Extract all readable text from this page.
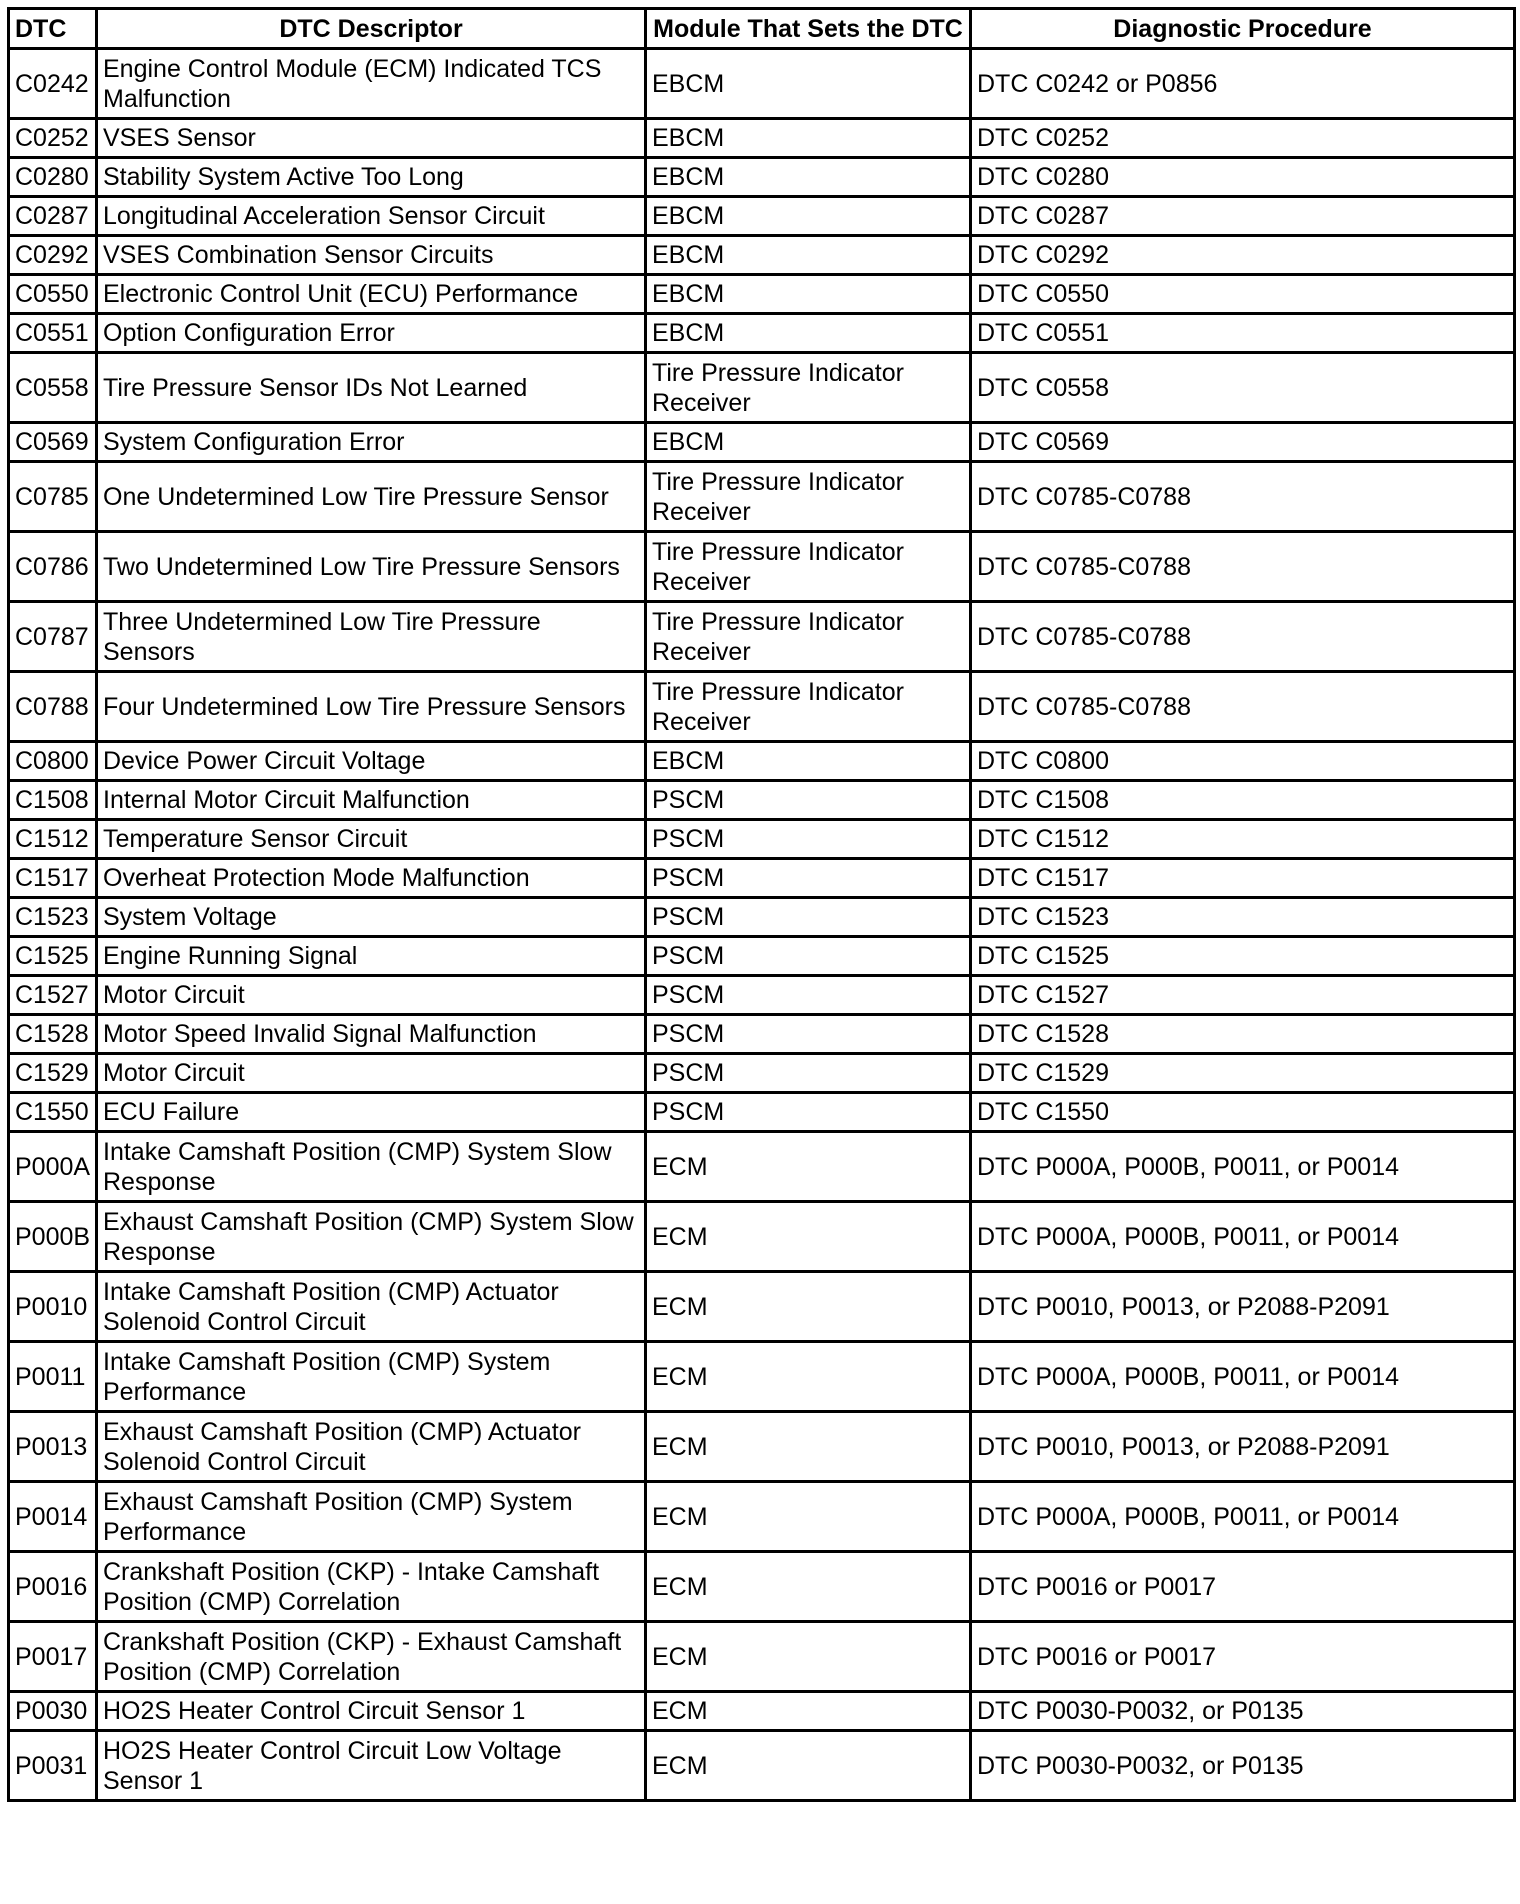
DTC	DTC Descriptor	Module That Sets the DTC	Diagnostic Procedure
C0242	Engine Control Module (ECM) Indicated TCS Malfunction	EBCM	DTC C0242 or P0856
C0252	VSES Sensor	EBCM	DTC C0252
C0280	Stability System Active Too Long	EBCM	DTC C0280
C0287	Longitudinal Acceleration Sensor Circuit	EBCM	DTC C0287
C0292	VSES Combination Sensor Circuits	EBCM	DTC C0292
C0550	Electronic Control Unit (ECU) Performance	EBCM	DTC C0550
C0551	Option Configuration Error	EBCM	DTC C0551
C0558	Tire Pressure Sensor IDs Not Learned	Tire Pressure Indicator Receiver	DTC C0558
C0569	System Configuration Error	EBCM	DTC C0569
C0785	One Undetermined Low Tire Pressure Sensor	Tire Pressure Indicator Receiver	DTC C0785-C0788
C0786	Two Undetermined Low Tire Pressure Sensors	Tire Pressure Indicator Receiver	DTC C0785-C0788
C0787	Three Undetermined Low Tire Pressure Sensors	Tire Pressure Indicator Receiver	DTC C0785-C0788
C0788	Four Undetermined Low Tire Pressure Sensors	Tire Pressure Indicator Receiver	DTC C0785-C0788
C0800	Device Power Circuit Voltage	EBCM	DTC C0800
C1508	Internal Motor Circuit Malfunction	PSCM	DTC C1508
C1512	Temperature Sensor Circuit	PSCM	DTC C1512
C1517	Overheat Protection Mode Malfunction	PSCM	DTC C1517
C1523	System Voltage	PSCM	DTC C1523
C1525	Engine Running Signal	PSCM	DTC C1525
C1527	Motor Circuit	PSCM	DTC C1527
C1528	Motor Speed Invalid Signal Malfunction	PSCM	DTC C1528
C1529	Motor Circuit	PSCM	DTC C1529
C1550	ECU Failure	PSCM	DTC C1550
P000A	Intake Camshaft Position (CMP) System Slow Response	ECM	DTC P000A, P000B, P0011, or P0014
P000B	Exhaust Camshaft Position (CMP) System Slow Response	ECM	DTC P000A, P000B, P0011, or P0014
P0010	Intake Camshaft Position (CMP) Actuator Solenoid Control Circuit	ECM	DTC P0010, P0013, or P2088-P2091
P0011	Intake Camshaft Position (CMP) System Performance	ECM	DTC P000A, P000B, P0011, or P0014
P0013	Exhaust Camshaft Position (CMP) Actuator Solenoid Control Circuit	ECM	DTC P0010, P0013, or P2088-P2091
P0014	Exhaust Camshaft Position (CMP) System Performance	ECM	DTC P000A, P000B, P0011, or P0014
P0016	Crankshaft Position (CKP) - Intake Camshaft Position (CMP) Correlation	ECM	DTC P0016 or P0017
P0017	Crankshaft Position (CKP) - Exhaust Camshaft Position (CMP) Correlation	ECM	DTC P0016 or P0017
P0030	HO2S Heater Control Circuit Sensor 1	ECM	DTC P0030-P0032, or P0135
P0031	HO2S Heater Control Circuit Low Voltage Sensor 1	ECM	DTC P0030-P0032, or P0135
